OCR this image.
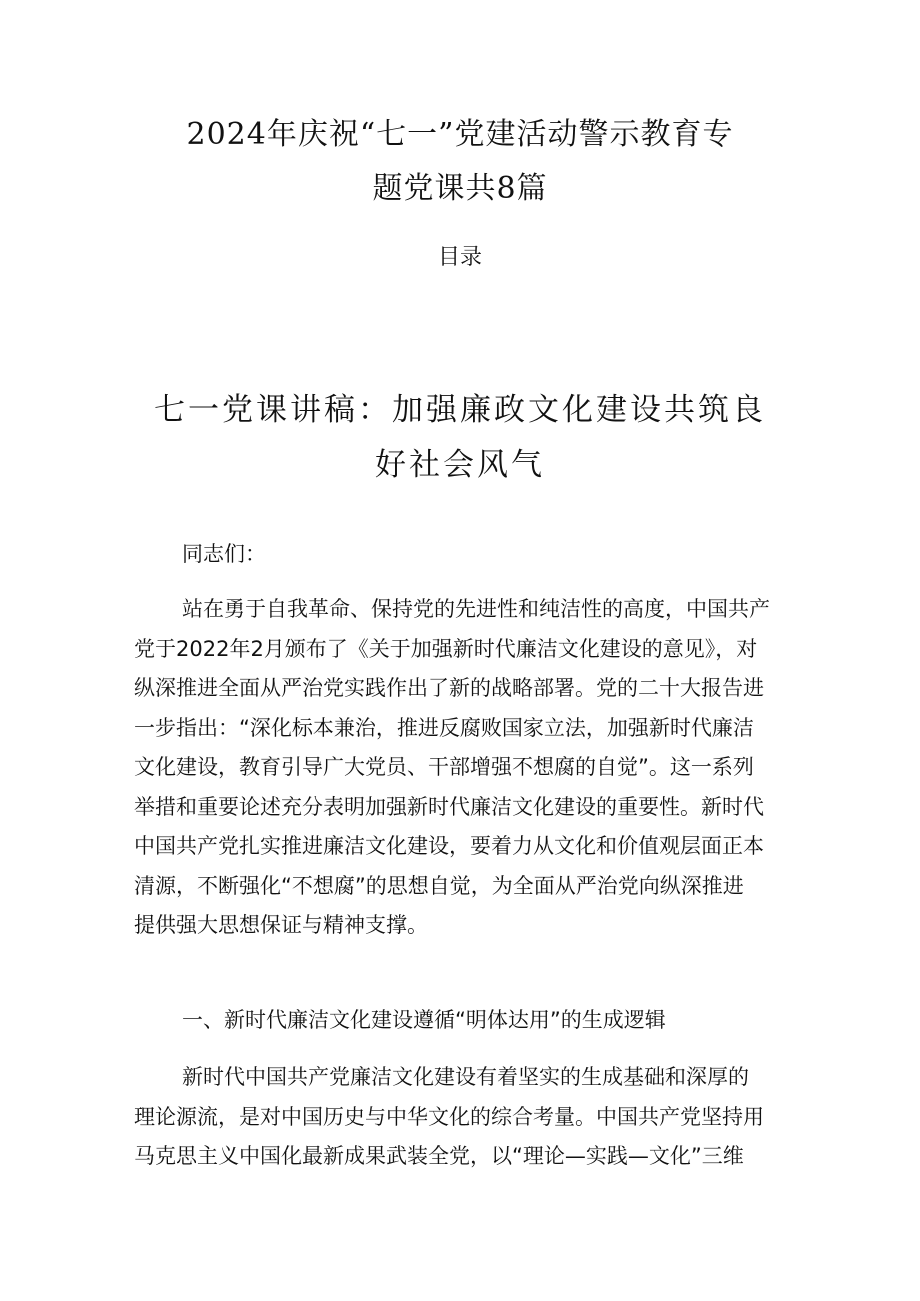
2024年庆祝“七一”党建活动警示教育专
题党课共8篇
目录
七一党课讲稿：加强廉政文化建设共筑良
好社会风气
同志们：
站在勇于自我革命、保持党的先进性和纯洁性的高度，中国共产
党于2022年2月颁布了《关于加强新时代廉洁文化建设的意见》，对
纵深推进全面从严治党实践作出了新的战略部署。党的二十大报告进
一步指出：“深化标本兼治，推进反腐败国家立法，加强新时代廉洁
文化建设，教育引导广大党员、干部增强不想腐的自觉”。这一系列
举措和重要论述充分表明加强新时代廉洁文化建设的重要性。新时代
中国共产党扎实推进廉洁文化建设，要着力从文化和价值观层面正本
清源，不断强化“不想腐”的思想自觉，为全面从严治党向纵深推进
提供强大思想保证与精神支撑。
一、新时代廉洁文化建设遵循“明体达用”的生成逻辑
新时代中国共产党廉洁文化建设有着坚实的生成基础和深厚的
理论源流，是对中国历史与中华文化的综合考量。中国共产党坚持用
马克思主义中国化最新成果武装全党，以“理论—实践—文化”三维
